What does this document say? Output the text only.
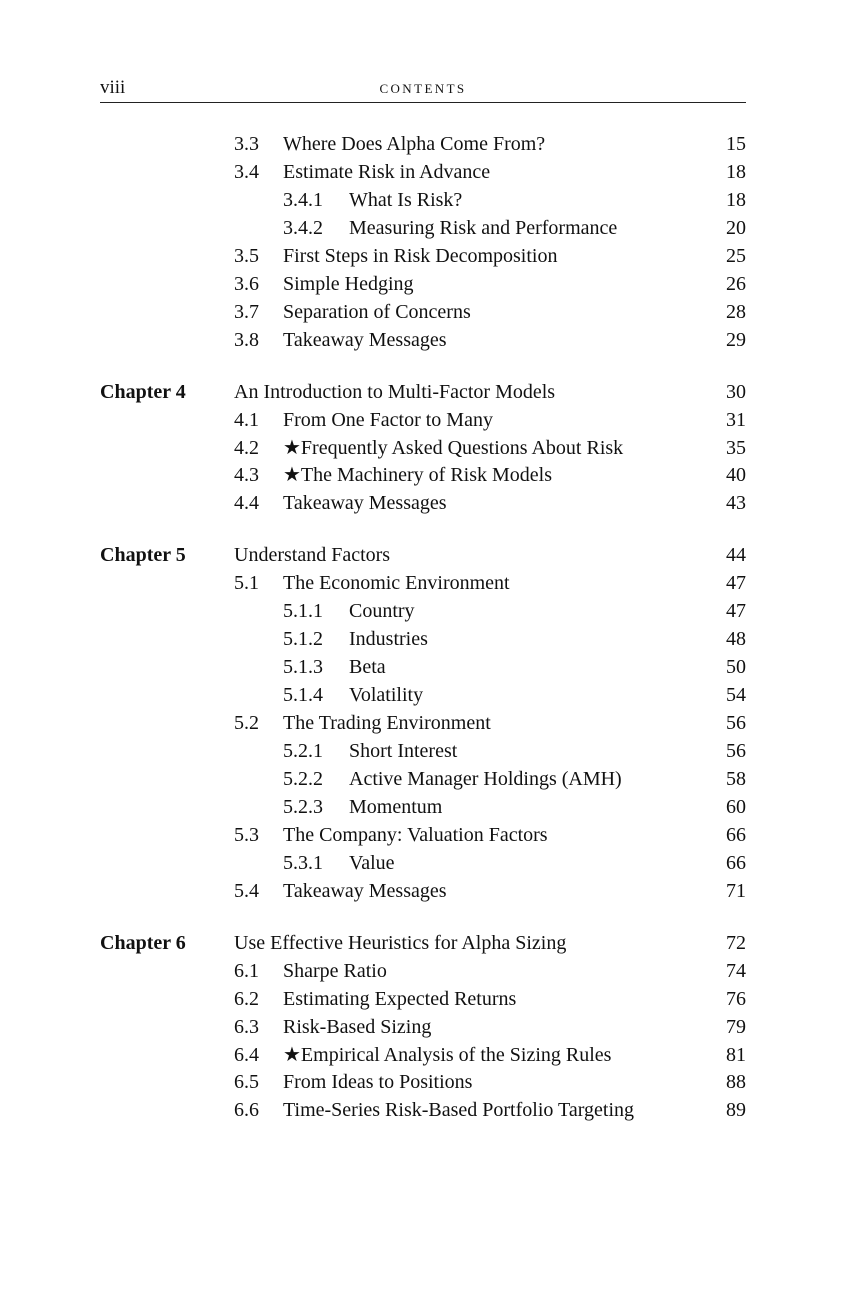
viii	CONTENTS
3.3 Where Does Alpha Come From?	15
3.4 Estimate Risk in Advance	18
3.4.1 What Is Risk?	18
3.4.2 Measuring Risk and Performance	20
3.5 First Steps in Risk Decomposition	25
3.6 Simple Hedging	26
3.7 Separation of Concerns	28
3.8 Takeaway Messages	29
Chapter 4 An Introduction to Multi-Factor Models	30
4.1 From One Factor to Many	31
4.2 ★Frequently Asked Questions About Risk	35
4.3 ★The Machinery of Risk Models	40
4.4 Takeaway Messages	43
Chapter 5 Understand Factors	44
5.1 The Economic Environment	47
5.1.1 Country	47
5.1.2 Industries	48
5.1.3 Beta	50
5.1.4 Volatility	54
5.2 The Trading Environment	56
5.2.1 Short Interest	56
5.2.2 Active Manager Holdings (AMH)	58
5.2.3 Momentum	60
5.3 The Company: Valuation Factors	66
5.3.1 Value	66
5.4 Takeaway Messages	71
Chapter 6 Use Effective Heuristics for Alpha Sizing	72
6.1 Sharpe Ratio	74
6.2 Estimating Expected Returns	76
6.3 Risk-Based Sizing	79
6.4 ★Empirical Analysis of the Sizing Rules	81
6.5 From Ideas to Positions	88
6.6 Time-Series Risk-Based Portfolio Targeting	89
